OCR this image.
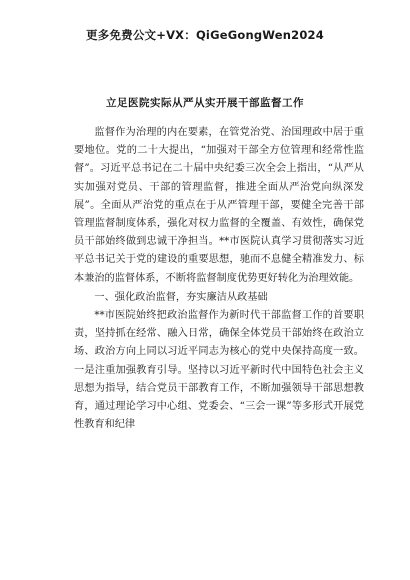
更多免费公文+VX：QiGeGongWen2024
立足医院实际从严从实开展干部监督工作

监督作为治理的内在要素，在管党治党、治国理政中居于重要地位。党的二十大提出，“加强对干部全方位管理和经常性监督”。习近平总书记在二十届中央纪委三次全会上指出，“从严从实加强对党员、干部的管理监督，推进全面从严治党向纵深发展”。全面从严治党的重点在于从严管理干部，要健全完善干部管理监督制度体系，强化对权力监督的全覆盖、有效性，确保党员干部始终做到忠诚干净担当。**市医院认真学习贯彻落实习近平总书记关于党的建设的重要思想，驰而不息健全精准发力、标本兼治的监督体系，不断将监督制度优势更好转化为治理效能。

一、强化政治监督，夯实廉洁从政基础

**市医院始终把政治监督作为新时代干部监督工作的首要职责，坚持抓在经常、融入日常，确保全体党员干部始终在政治立场、政治方向上同以习近平同志为核心的党中央保持高度一致。一是注重加强教育引导。坚持以习近平新时代中国特色社会主义思想为指导，结合党员干部教育工作，不断加强领导干部思想教育，通过理论学习中心组、党委会、“三会一课”等多形式开展党性教育和纪律
